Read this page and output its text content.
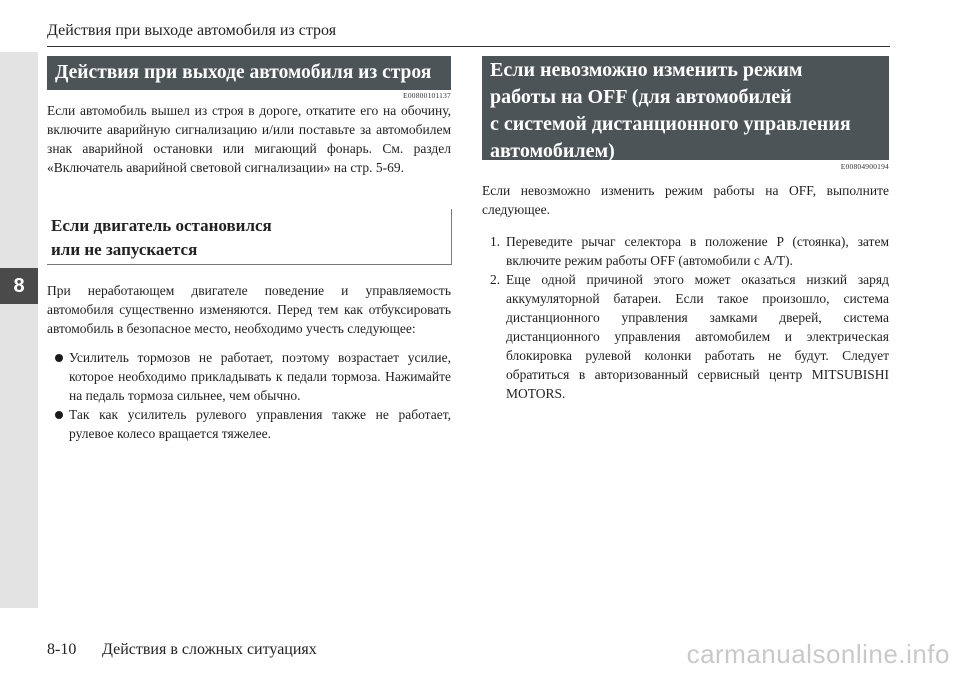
8
Действия при выходе автомобиля из строя
Действия при выходе автомобиля из строя
E00800101137
Если автомобиль вышел из строя в дороге, откатите его на обочину, включите аварийную сигнализацию и/или поставьте за автомобилем знак аварийной остановки или мигающий фонарь. См. раздел «Включатель аварийной световой сигнализации» на стр. 5-69.
Если двигатель остановился
или не запускается
При неработающем двигателе поведение и управляемость автомобиля существенно изменяются. Перед тем как отбуксировать автомобиль в безопасное место, необходимо учесть следующее:
Усилитель тормозов не работает, поэтому возрастает усилие, которое необходимо прикладывать к педали тормоза. Нажимайте на педаль тормоза сильнее, чем обычно.
Так как усилитель рулевого управления также не работает, рулевое колесо вращается тяжелее.
Если невозможно изменить режим
работы на OFF (для автомобилей
с системой дистанционного управления
автомобилем)
E00804900194
Если невозможно изменить режим работы на OFF, выполните следующее.
1. Переведите рычаг селектора в положение P (стоянка), затем включите режим работы OFF (автомобили с A/T).
2. Еще одной причиной этого может оказаться низкий заряд аккумуляторной батареи. Если такое произошло, система дистанционного управления замками дверей, система дистанционного управления автомобилем и электрическая блокировка рулевой колонки работать не будут. Следует обратиться в авторизованный сервисный центр MITSUBISHI MOTORS.
8-10 Действия в сложных ситуациях	carmanualsonline.info
